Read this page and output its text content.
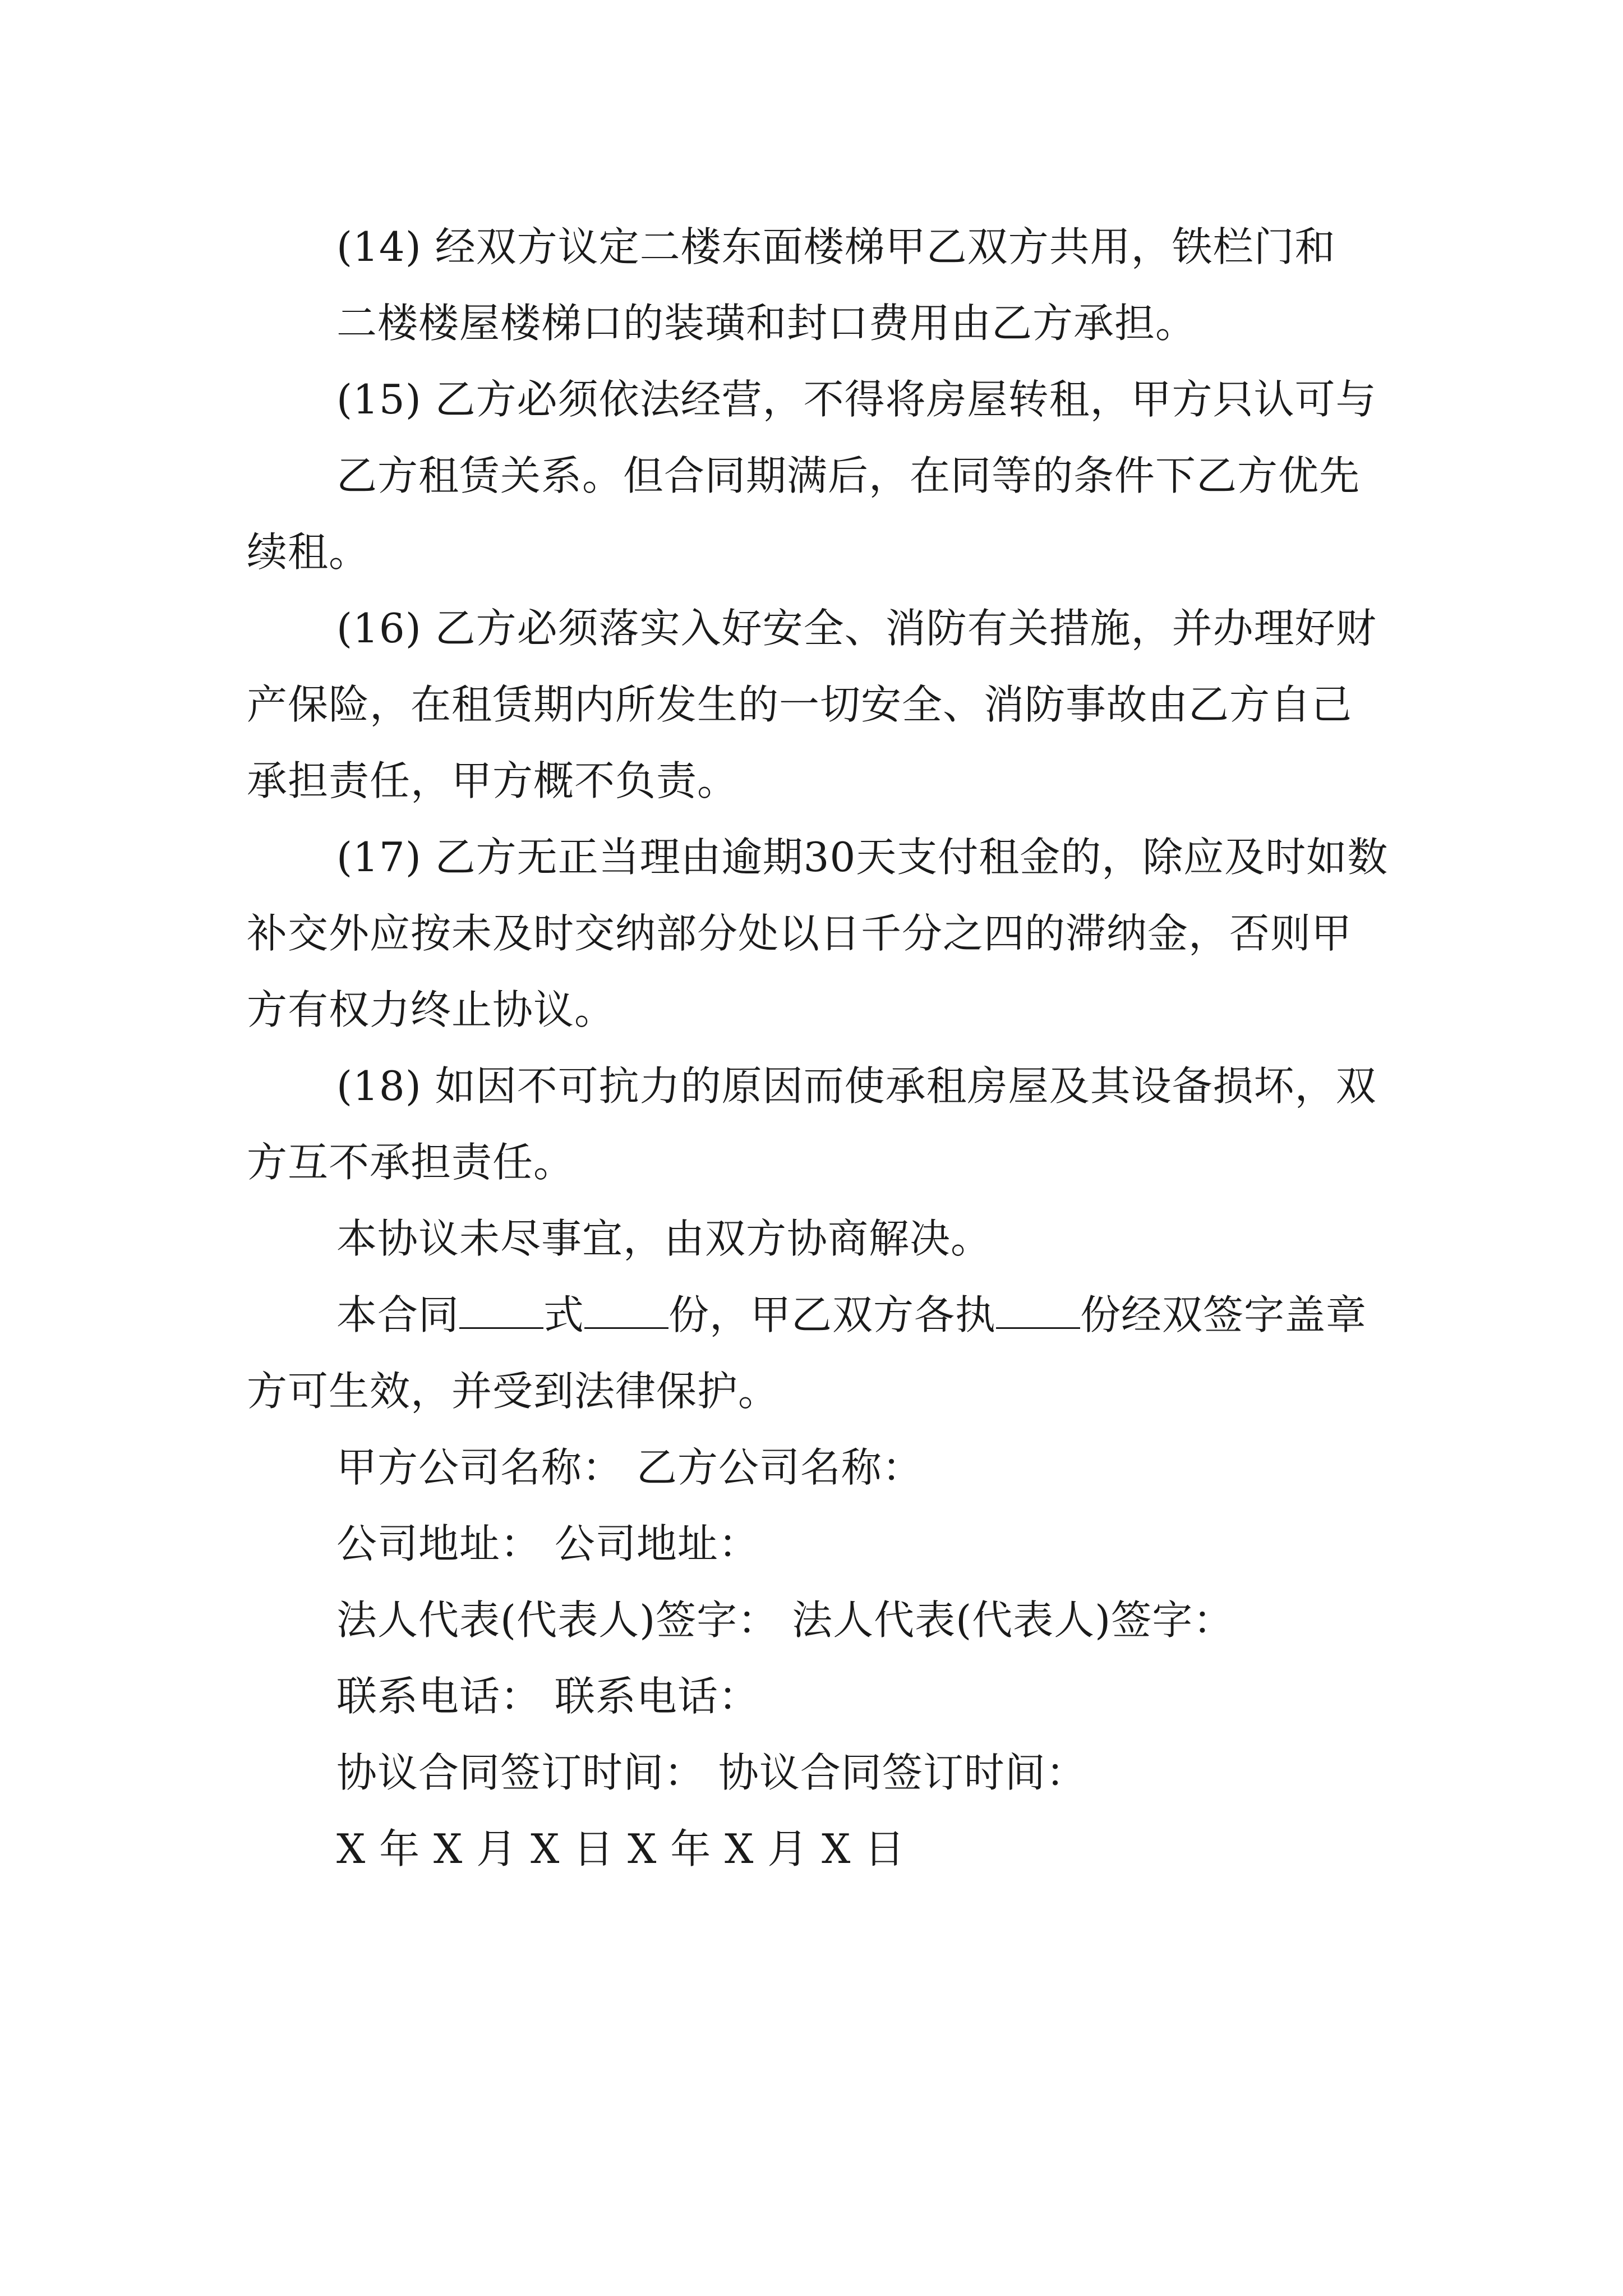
(14) 经双方议定二楼东面楼梯甲乙双方共用，铁栏门和

二楼楼屋楼梯口的装璜和封口费用由乙方承担。

(15) 乙方必须依法经营，不得将房屋转租，甲方只认可与

乙方租赁关系。但合同期满后，在同等的条件下乙方优先续租。

(16) 乙方必须落实入好安全、消防有关措施，并办理好财产保险，在租赁期内所发生的一切安全、消防事故由乙方自己承担责任，甲方概不负责。

(17) 乙方无正当理由逾期30天支付租金的，除应及时如数补交外应按未及时交纳部分处以日千分之四的滞纳金，否则甲方有权力终止协议。

(18) 如因不可抗力的原因而使承租房屋及其设备损坏，双方互不承担责任。

本协议未尽事宜，由双方协商解决。

本合同 式 份，甲乙双方各执 份经双签字盖章方可生效，并受到法律保护。

甲方公司名称： 乙方公司名称：

公司地址： 公司地址：

法人代表(代表人)签字： 法人代表(代表人)签字：

联系电话： 联系电话：

协议合同签订时间： 协议合同签订时间：

X 年 X 月 X 日 X 年 X 月 X 日
